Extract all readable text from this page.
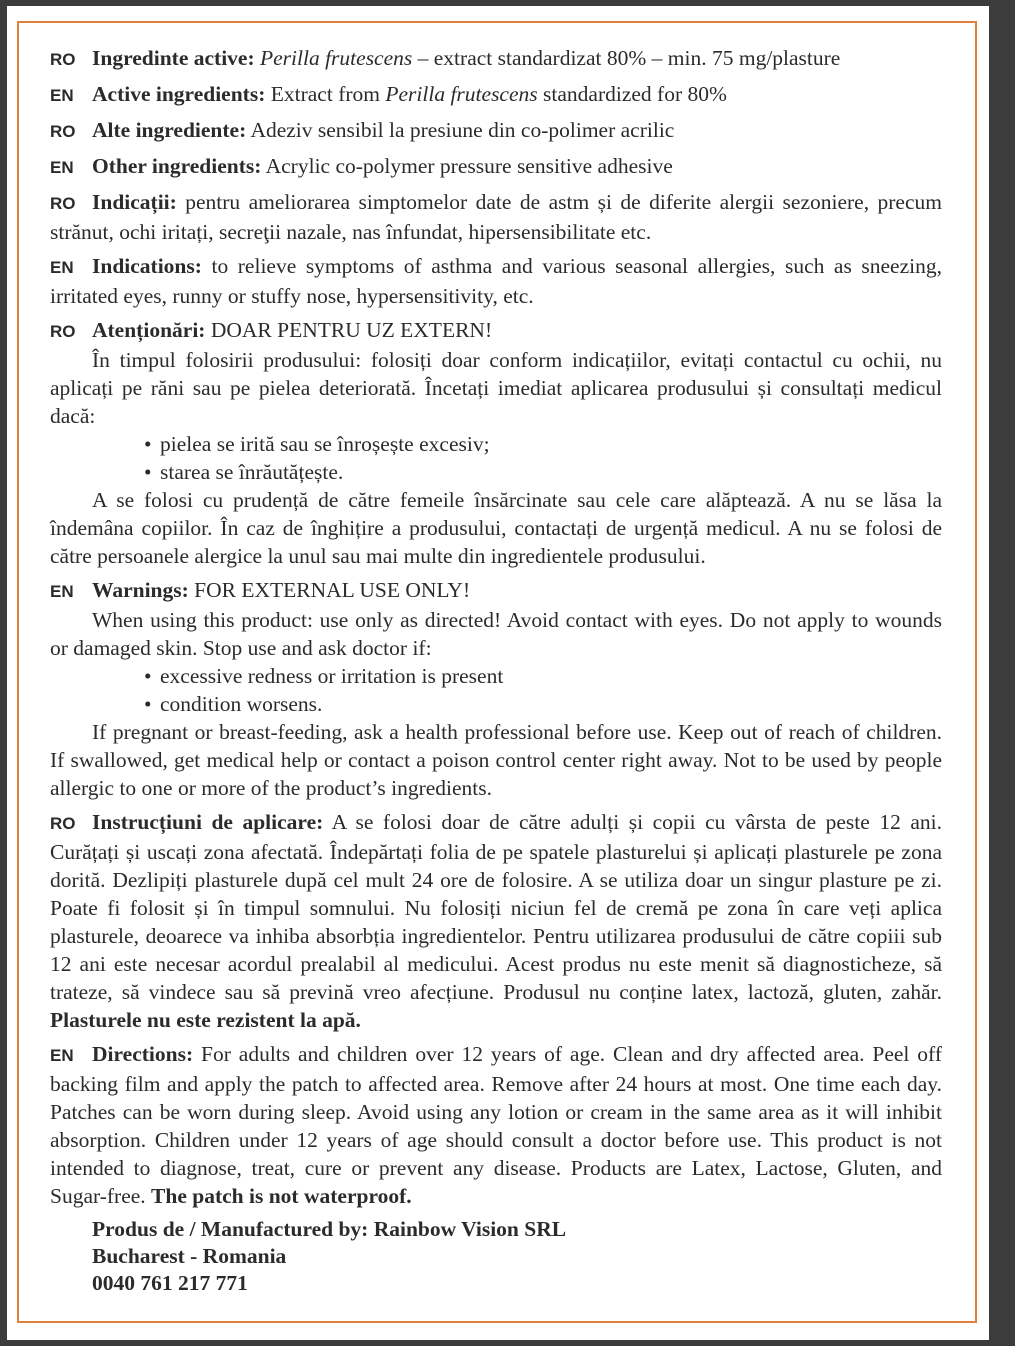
RO Ingredinte active: Perilla frutescens – extract standardizat 80% – min. 75 mg/plasture

EN Active ingredients: Extract from Perilla frutescens standardized for 80%

RO Alte ingrediente: Adeziv sensibil la presiune din co-polimer acrilic

EN Other ingredients: Acrylic co-polymer pressure sensitive adhesive

RO Indicații: pentru ameliorarea simptomelor date de astm și de diferite alergii sezoniere, precum strănut, ochi iritați, secreţii nazale, nas înfundat, hipersensibilitate etc.

EN Indications: to relieve symptoms of asthma and various seasonal allergies, such as sneezing, irritated eyes, runny or stuffy nose, hypersensitivity, etc.

RO Atenționări: DOAR PENTRU UZ EXTERN!

În timpul folosirii produsului: folosiți doar conform indicațiilor, evitați contactul cu ochii, nu aplicați pe răni sau pe pielea deteriorată. Încetați imediat aplicarea produsului și consultați medicul dacă:

• pielea se irită sau se înroșește excesiv;
• starea se înrăutățește.

A se folosi cu prudență de către femeile însărcinate sau cele care alăptează. A nu se lăsa la îndemâna copiilor. În caz de înghițire a produsului, contactați de urgență medicul. A nu se folosi de către persoanele alergice la unul sau mai multe din ingredientele produsului.

EN Warnings: FOR EXTERNAL USE ONLY!

When using this product: use only as directed! Avoid contact with eyes. Do not apply to wounds or damaged skin. Stop use and ask doctor if:

• excessive redness or irritation is present
• condition worsens.

If pregnant or breast-feeding, ask a health professional before use. Keep out of reach of children. If swallowed, get medical help or contact a poison control center right away. Not to be used by people allergic to one or more of the product’s ingredients.

RO Instrucțiuni de aplicare: A se folosi doar de către adulți și copii cu vârsta de peste 12 ani. Curățați și uscați zona afectată. Îndepărtați folia de pe spatele plasturelui și aplicați plasturele pe zona dorită. Dezlipiți plasturele după cel mult 24 ore de folosire. A se utiliza doar un singur plasture pe zi. Poate fi folosit și în timpul somnului. Nu folosiți niciun fel de cremă pe zona în care veți aplica plasturele, deoarece va inhiba absorbția ingredientelor. Pentru utilizarea produsului de către copiii sub 12 ani este necesar acordul prealabil al medicului. Acest produs nu este menit să diagnosticheze, să trateze, să vindece sau să prevină vreo afecțiune. Produsul nu conține latex, lactoză, gluten, zahăr. Plasturele nu este rezistent la apă.

EN Directions: For adults and children over 12 years of age. Clean and dry affected area. Peel off backing film and apply the patch to affected area. Remove after 24 hours at most. One time each day. Patches can be worn during sleep. Avoid using any lotion or cream in the same area as it will inhibit absorption. Children under 12 years of age should consult a doctor before use. This product is not intended to diagnose, treat, cure or prevent any disease. Products are Latex, Lactose, Gluten, and Sugar-free. The patch is not waterproof.

Produs de / Manufactured by: Rainbow Vision SRL
Bucharest - Romania
0040 761 217 771
